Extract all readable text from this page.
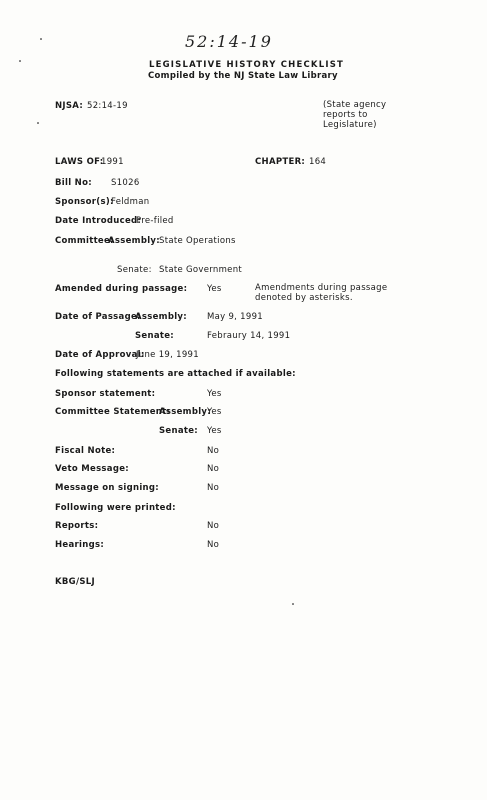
52:14-19
LEGISLATIVE HISTORY CHECKLIST
Compiled by the NJ State Law Library
NJSA: 52:14-19	(State agency
reports to
Legislature)
LAWS OF:
1991	CHAPTER: 164
Bill No: S1026
Sponsor(s):
Feldman
Date Introduced:
Pre-filed
Committee:
Assembly: State Operations
Senate: State Government
Amended during passage: Yes	Amendments during passage
denoted by asterisks.
Date of Passage:
Assembly: May 9, 1991
Senate:	Febraury 14, 1991
Date of Approval:
June 19, 1991
Following statements are attached if available:
Sponsor statement:	Yes
Committee Statement:
Assembly:
Yes
Senate: Yes
Fiscal Note:	No
Veto Message:	No
Message on signing:	No
Following were printed:
Reports:	No
Hearings:	No
KBG/SLJ
